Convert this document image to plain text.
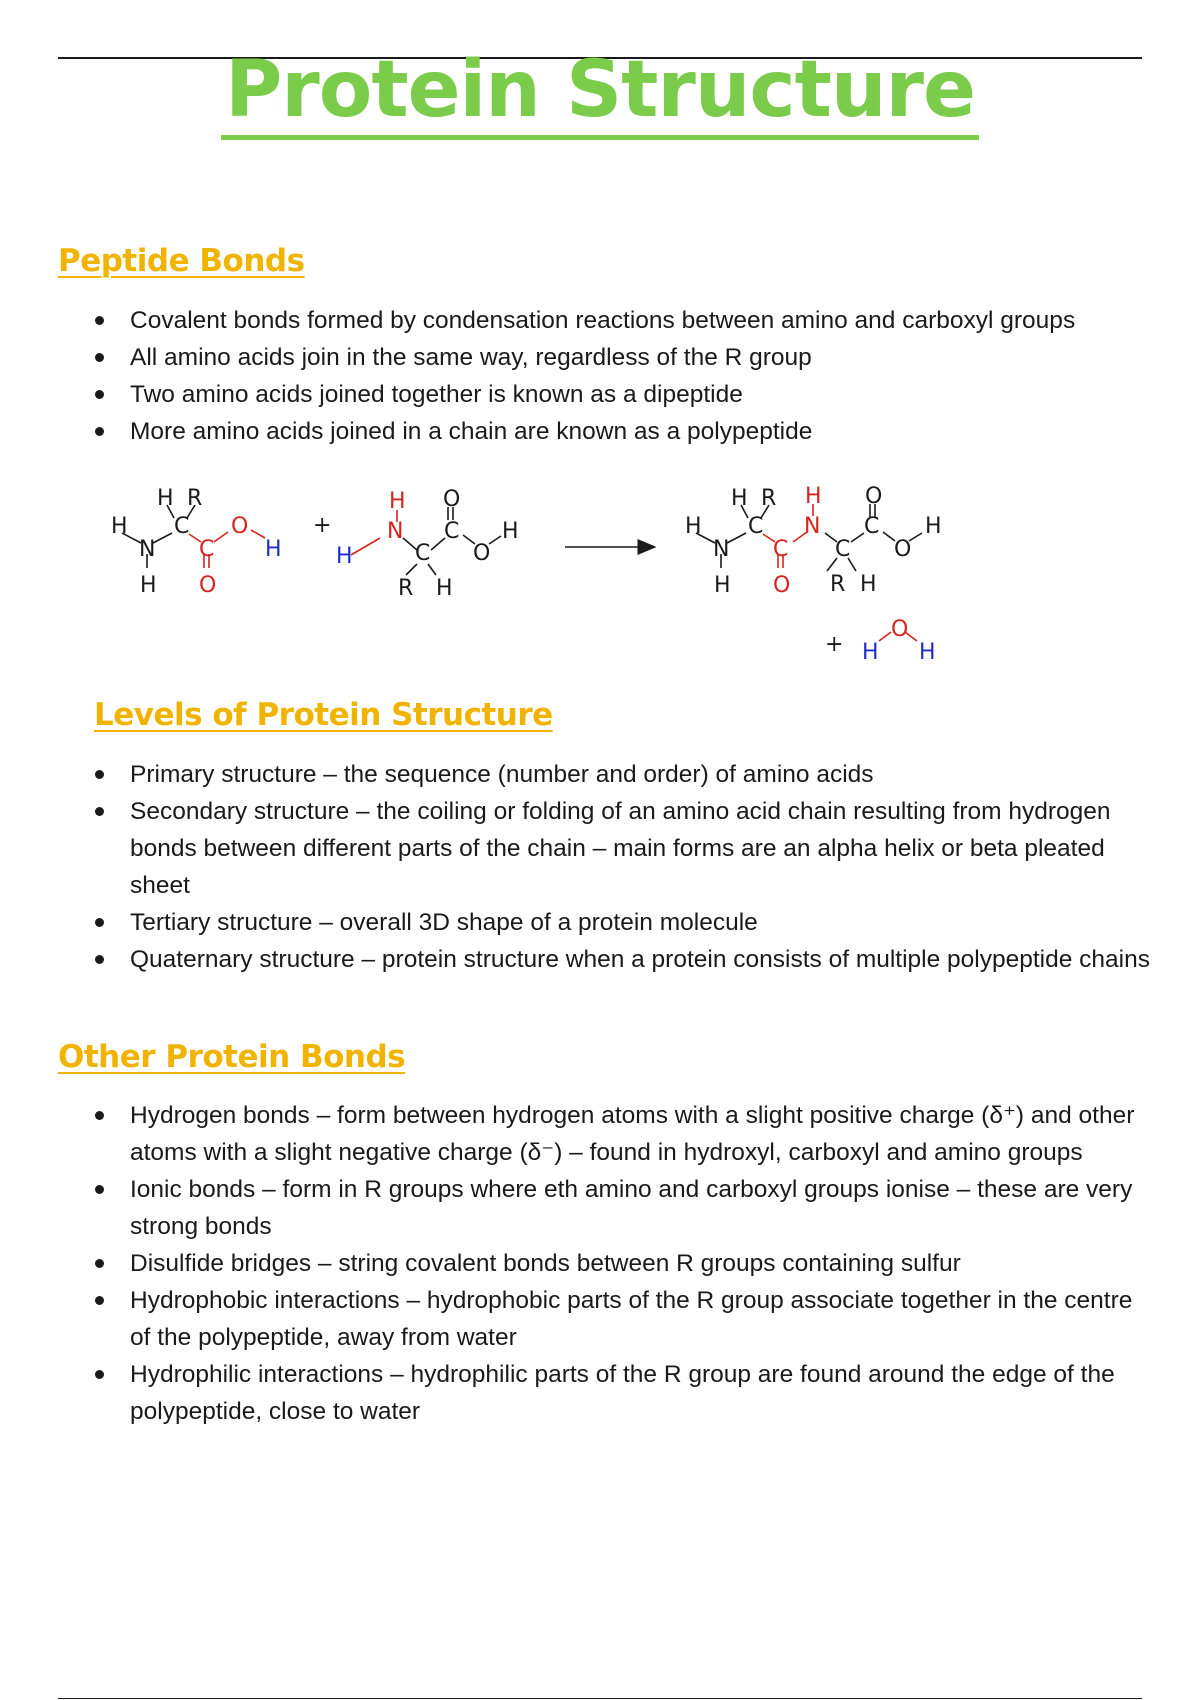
Protein Structure
Peptide Bonds
Covalent bonds formed by condensation reactions between amino and carboxyl groups
All amino acids join in the same way, regardless of the R group
Two amino acids joined together is known as a dipeptide
More amino acids joined in a chain are known as a polypeptide
H R
H C O
N C H
H O
+
H O
N C H
H	C O
R H
H R H O
H C N C H
N C C O
H O R H
+ H
O
H
Levels of Protein Structure
Primary structure – the sequence (number and order) of amino acids
Secondary structure – the coiling or folding of an amino acid chain resulting from hydrogen bonds between different parts of the chain – main forms are an alpha helix or beta pleated sheet
Tertiary structure – overall 3D shape of a protein molecule
Quaternary structure – protein structure when a protein consists of multiple polypeptide chains
Other Protein Bonds
Hydrogen bonds – form between hydrogen atoms with a slight positive charge (δ⁺) and other atoms with a slight negative charge (δ⁻) – found in hydroxyl, carboxyl and amino groups
Ionic bonds – form in R groups where eth amino and carboxyl groups ionise – these are very strong bonds
Disulfide bridges – string covalent bonds between R groups containing sulfur
Hydrophobic interactions – hydrophobic parts of the R group associate together in the centre of the polypeptide, away from water
Hydrophilic interactions – hydrophilic parts of the R group are found around the edge of the polypeptide, close to water
